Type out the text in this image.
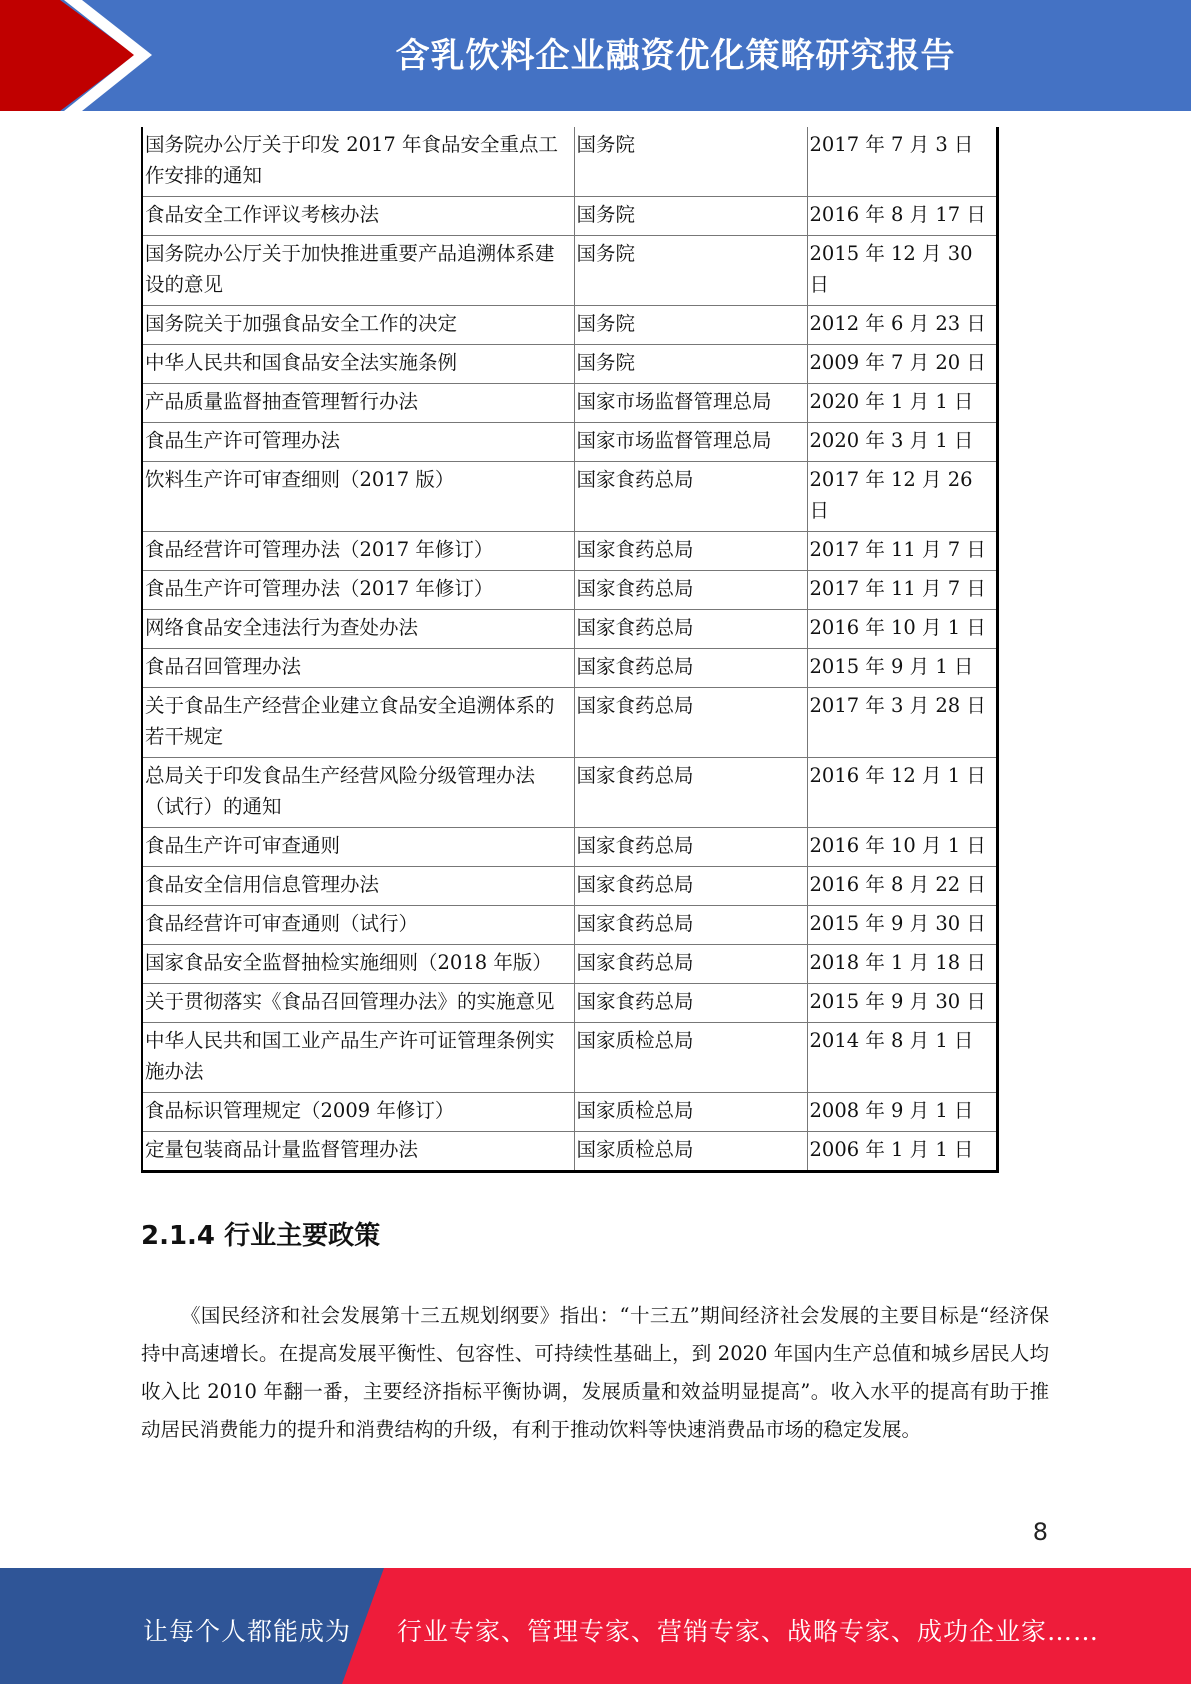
含乳饮料企业融资优化策略研究报告
国务院办公厅关于印发 2017 年食品安全重点工作安排的通知	国务院	2017 年 7 月 3 日
食品安全工作评议考核办法	国务院	2016 年 8 月 17 日
国务院办公厅关于加快推进重要产品追溯体系建设的意见	国务院	2015 年 12 月 30 日
国务院关于加强食品安全工作的决定	国务院	2012 年 6 月 23 日
中华人民共和国食品安全法实施条例	国务院	2009 年 7 月 20 日
产品质量监督抽查管理暂行办法	国家市场监督管理总局	2020 年 1 月 1 日
食品生产许可管理办法	国家市场监督管理总局	2020 年 3 月 1 日
饮料生产许可审查细则（2017 版）	国家食药总局	2017 年 12 月 26 日
食品经营许可管理办法（2017 年修订）	国家食药总局	2017 年 11 月 7 日
食品生产许可管理办法（2017 年修订）	国家食药总局	2017 年 11 月 7 日
网络食品安全违法行为查处办法	国家食药总局	2016 年 10 月 1 日
食品召回管理办法	国家食药总局	2015 年 9 月 1 日
关于食品生产经营企业建立食品安全追溯体系的若干规定	国家食药总局	2017 年 3 月 28 日
总局关于印发食品生产经营风险分级管理办法（试行）的通知	国家食药总局	2016 年 12 月 1 日
食品生产许可审查通则	国家食药总局	2016 年 10 月 1 日
食品安全信用信息管理办法	国家食药总局	2016 年 8 月 22 日
食品经营许可审查通则（试行）	国家食药总局	2015 年 9 月 30 日
国家食品安全监督抽检实施细则（2018 年版）	国家食药总局	2018 年 1 月 18 日
关于贯彻落实《食品召回管理办法》的实施意见	国家食药总局	2015 年 9 月 30 日
中华人民共和国工业产品生产许可证管理条例实施办法	国家质检总局	2014 年 8 月 1 日
食品标识管理规定（2009 年修订）	国家质检总局	2008 年 9 月 1 日
定量包装商品计量监督管理办法	国家质检总局	2006 年 1 月 1 日
2.1.4 行业主要政策

《国民经济和社会发展第十三五规划纲要》指出：“十三五”期间经济社会发展的主要目标是“经济保持中高速增长。在提高发展平衡性、包容性、可持续性基础上，到 2020 年国内生产总值和城乡居民人均收入比 2010 年翻一番，主要经济指标平衡协调，发展质量和效益明显提高”。收入水平的提高有助于推动居民消费能力的提升和消费结构的升级，有利于推动饮料等快速消费品市场的稳定发展。

8
让每个人都能成为 行业专家、管理专家、营销专家、战略专家、成功企业家……
